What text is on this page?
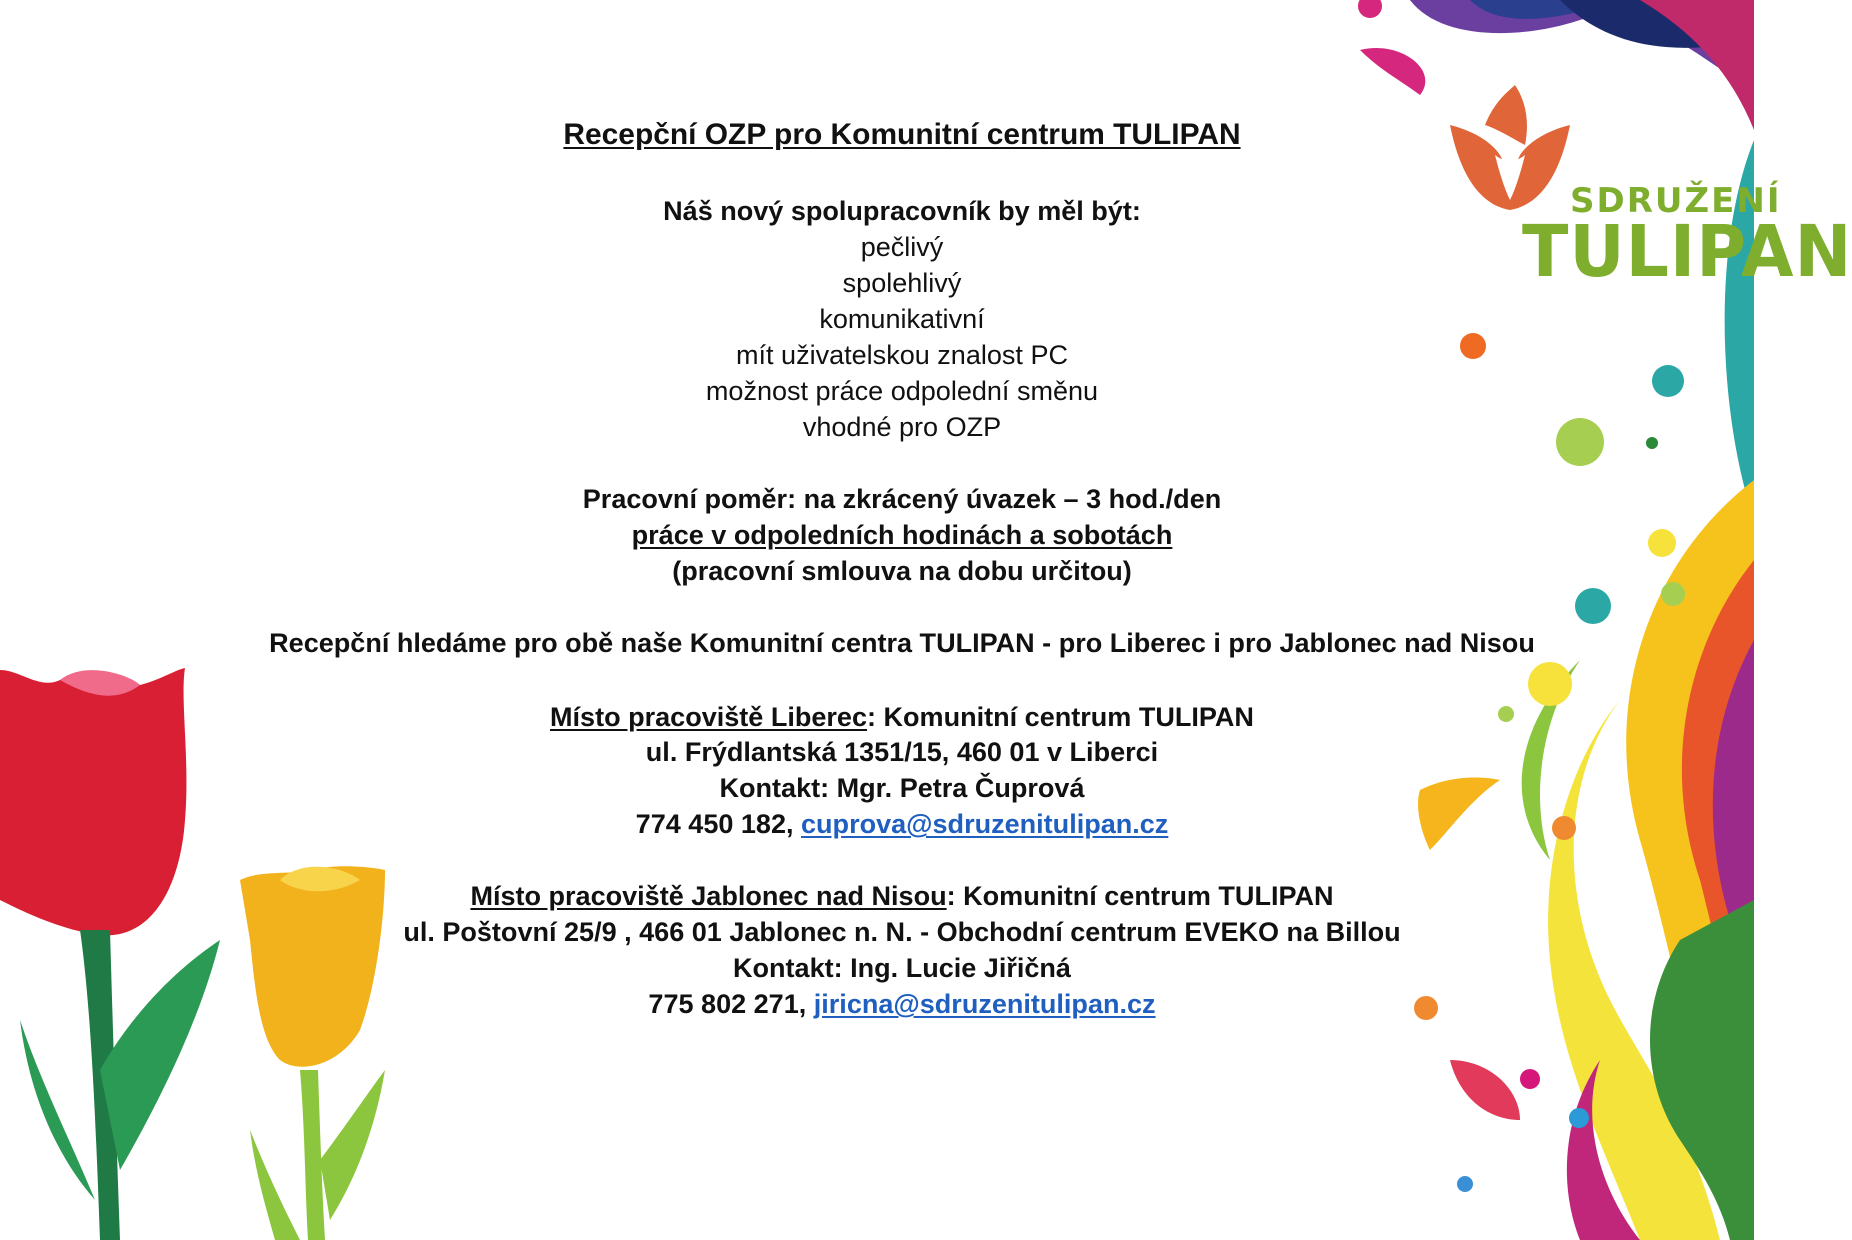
SDRUŽENÍ
TULIPAN
Recepční OZP pro Komunitní centrum TULIPAN
Náš nový spolupracovník by měl být:
pečlivý
spolehlivý
komunikativní
mít uživatelskou znalost PC
možnost práce odpolední směnu
vhodné pro OZP
Pracovní poměr: na zkrácený úvazek – 3 hod./den
práce v odpoledních hodinách a sobotách
(pracovní smlouva na dobu určitou)
Recepční hledáme pro obě naše Komunitní centra TULIPAN - pro Liberec i pro Jablonec nad Nisou
Místo pracoviště Liberec: Komunitní centrum TULIPAN
ul. Frýdlantská 1351/15, 460 01 v Liberci
Kontakt: Mgr. Petra Čuprová
774 450 182, cuprova@sdruzenitulipan.cz
Místo pracoviště Jablonec nad Nisou: Komunitní centrum TULIPAN
ul. Poštovní 25/9 , 466 01 Jablonec n. N. - Obchodní centrum EVEKO na Billou
Kontakt: Ing. Lucie Jiřičná
775 802 271, jiricna@sdruzenitulipan.cz
